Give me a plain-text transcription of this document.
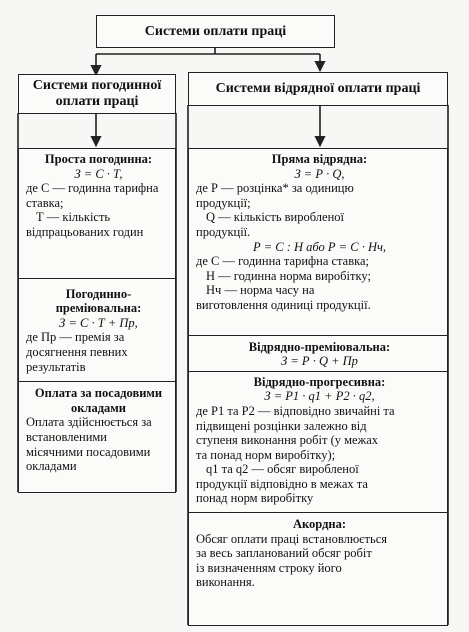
Системи оплати праці
Системи погодинної оплати праці
Системи відрядної оплати праці

Проста погодинна:

З = С · Т,

де С — годинна тарифна

ставка;

Т — кількість

відпрацьованих годин

Погодинно-

преміювальна:

З = С · Т + Пр,

де Пр — премія за

досягнення певних

результатів

Оплата за посадовими

окладами

Оплата здійснюється за

встановленими

місячними посадовими

окладами

Пряма відрядна:

З = Р · Q,

де Р — розцінка* за одиницю

продукції;

Q — кількість виробленої

продукції.

Р = С : Н або Р = С · Нч,

де С — годинна тарифна ставка;

Н — годинна норма виробітку;

Нч — норма часу на

виготовлення одиниці продукції.

Відрядно-преміювальна:

З = Р · Q + Пр

Відрядно-прогресивна:

З = Р1 · q1 + Р2 · q2,

де Р1 та Р2 — відповідно звичайні та

підвищені розцінки залежно від

ступеня виконання робіт (у межах

та понад норм виробітку);

q1 та q2 — обсяг виробленої

продукції відповідно в межах та

понад норм виробітку

Акордна:

Обсяг оплати праці встановлюється

за весь запланований обсяг робіт

із визначенням строку його

виконання.
